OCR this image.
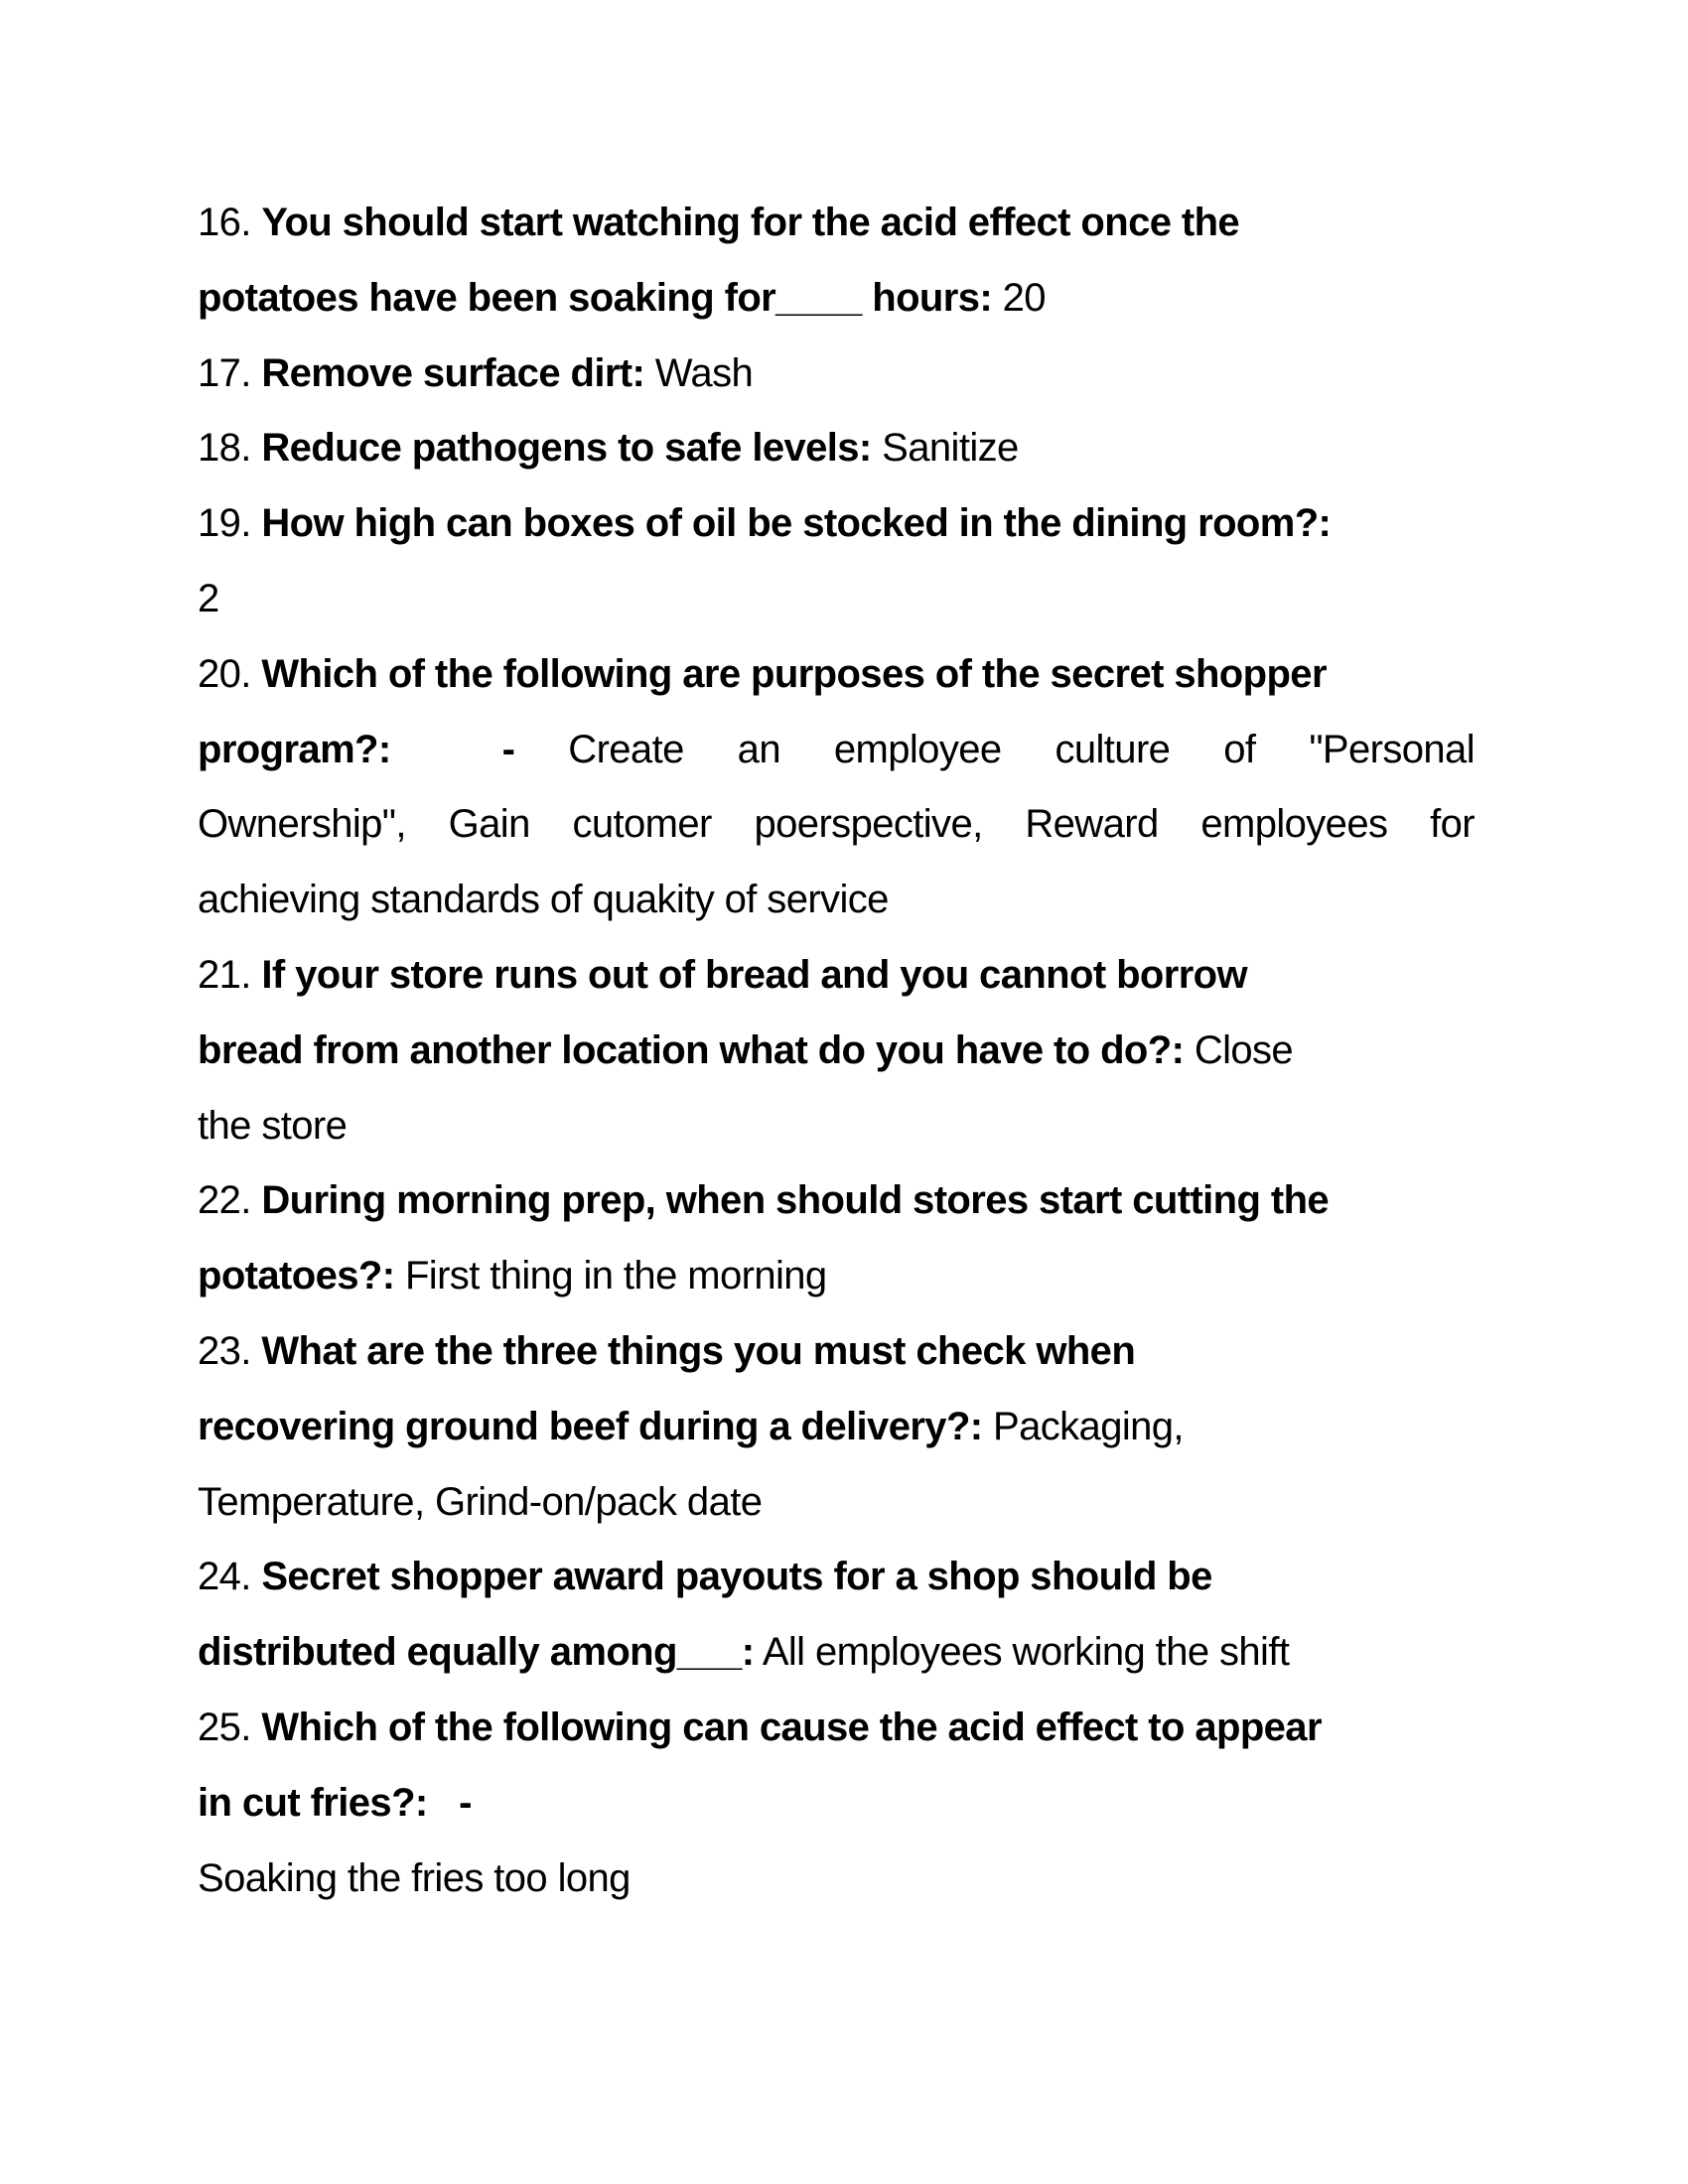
16. You should start watching for the acid effect once the
potatoes have been soaking for____ hours: 20
17. Remove surface dirt: Wash
18. Reduce pathogens to safe levels: Sanitize
19. How high can boxes of oil be stocked in the dining room?:
2
20. Which of the following are purposes of the secret shopper
program?:	- Create an employee culture of "Personal
Ownership", Gain cutomer poerspective, Reward employees for
achieving standards of quakity of service
21. If your store runs out of bread and you cannot borrow
bread from another location what do you have to do?: Close
the store
22. During morning prep, when should stores start cutting the
potatoes?: First thing in the morning
23. What are the three things you must check when
recovering ground beef during a delivery?: Packaging,
Temperature, Grind-on/pack date
24. Secret shopper award payouts for a shop should be
distributed equally among___: All employees working the shift
25. Which of the following can cause the acid effect to appear
in cut fries?: -
Soaking the fries too long
